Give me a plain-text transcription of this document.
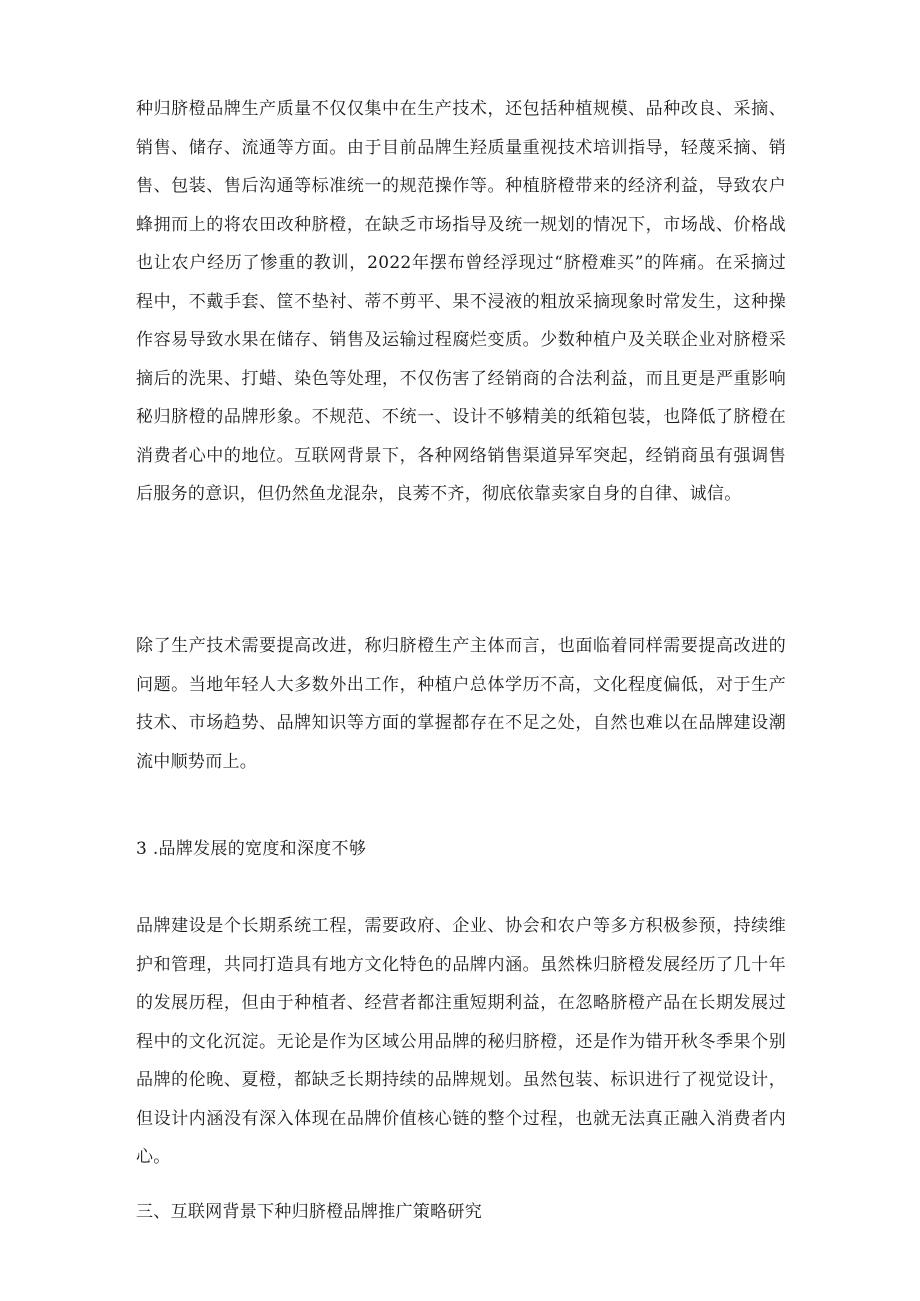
种归脐橙品牌生产质量不仅仅集中在生产技术，还包括种植规模、品种改良、采摘、销售、储存、流通等方面。由于目前品牌生羟质量重视技术培训指导，轻蔑采摘、销售、包装、售后沟通等标准统一的规范操作等。种植脐橙带来的经济利益，导致农户蜂拥而上的将农田改种脐橙，在缺乏市场指导及统一规划的情况下，市场战、价格战也让农户经历了惨重的教训，2022年摆布曾经浮现过“脐橙难买”的阵痛。在采摘过程中，不戴手套、筐不垫衬、蒂不剪平、果不浸液的粗放采摘现象时常发生，这种操作容易导致水果在储存、销售及运输过程腐烂变质。少数种植户及关联企业对脐橙采摘后的洗果、打蜡、染色等处理，不仅伤害了经销商的合法利益，而且更是严重影响秘归脐橙的品牌形象。不规范、不统一、设计不够精美的纸箱包装，也降低了脐橙在消费者心中的地位。互联网背景下，各种网络销售渠道异军突起，经销商虽有强调售后服务的意识，但仍然鱼龙混杂，良莠不齐，彻底依靠卖家自身的自律、诚信。

除了生产技术需要提高改进，称归脐橙生产主体而言，也面临着同样需要提高改进的问题。当地年轻人大多数外出工作，种植户总体学历不高，文化程度偏低，对于生产技术、市场趋势、品牌知识等方面的掌握都存在不足之处，自然也难以在品牌建设潮流中顺势而上。

3 .品牌发展的宽度和深度不够

品牌建设是个长期系统工程，需要政府、企业、协会和农户等多方积极参预，持续维护和管理，共同打造具有地方文化特色的品牌内涵。虽然株归脐橙发展经历了几十年的发展历程，但由于种植者、经营者都注重短期利益，在忽略脐橙产品在长期发展过程中的文化沉淀。无论是作为区域公用品牌的秘归脐橙，还是作为错开秋冬季果个别品牌的伦晚、夏橙，都缺乏长期持续的品牌规划。虽然包装、标识进行了视觉设计，但设计内涵没有深入体现在品牌价值核心链的整个过程，也就无法真正融入消费者内心。

三、互联网背景下种归脐橙品牌推广策略研究
